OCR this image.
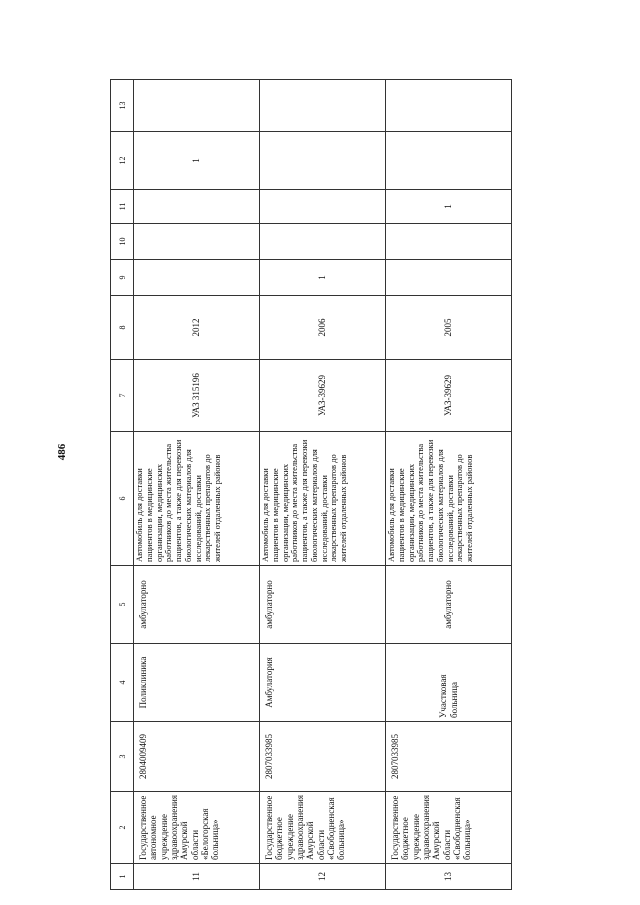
486
1	2	3	4	5	6	7	8	9	10	11	12	13
11	Государственное автономное учреждение здравоохранения Амурской области «Белогорская больница»	2804009409	Поликлиника	амбулаторно	Автомобиль для доставки пациентов в медицинские организации, медицинских работников до места жительства пациентов, а также для перевозки биологических материалов для исследований, доставки лекарственных препаратов до жителей отдаленных районов	УАЗ 315196	2012				1	
12	Государственное бюджетное учреждение здравоохранения Амурской области «Свободненская больница»	2807033985	Амбулатория	амбулаторно	Автомобиль для доставки пациентов в медицинские организации, медицинских работников до места жительства пациентов, а также для перевозки биологических материалов для исследований, доставки лекарственных препаратов до жителей отдаленных районов	УАЗ-39629	2006	1				
13	Государственное бюджетное учреждение здравоохранения Амурской области «Свободненская больница»	2807033985	Участковая больница	амбулаторно	Автомобиль для доставки пациентов в медицинские организации, медицинских работников до места жительства пациентов, а также для перевозки биологических материалов для исследований, доставки лекарственных препаратов до жителей отдаленных районов	УАЗ-39629	2005			1		
